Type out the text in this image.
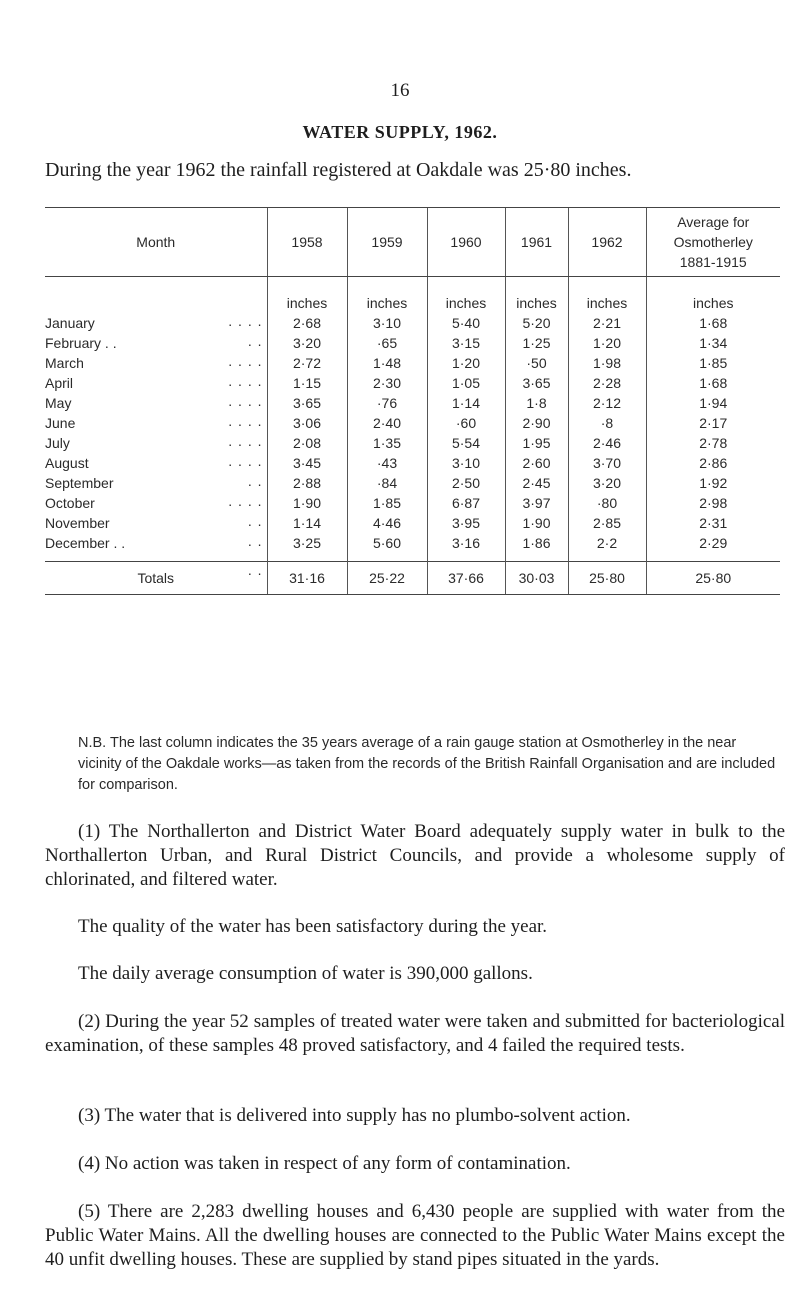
16
WATER SUPPLY, 1962.
During the year 1962 the rainfall registered at Oakdale was 25·80 inches.
Month	1958	1959	1960	1961	1962	Average for
Osmotherley
1881-1915

	inches	inches	inches	inches	inches	inches
January . . . .	2·68	3·10	5·40	5·20	2·21	1·68
February . . . .	3·20	·65	3·15	1·25	1·20	1·34
March . . . .	2·72	1·48	1·20	·50	1·98	1·85
April . . . .	1·15	2·30	1·05	3·65	2·28	1·68
May . . . .	3·65	·76	1·14	1·8	2·12	1·94
June . . . .	3·06	2·40	·60	2·90	·8	2·17
July . . . .	2·08	1·35	5·54	1·95	2·46	2·78
August . . . .	3·45	·43	3·10	2·60	3·70	2·86
September . .	2·88	·84	2·50	2·45	3·20	1·92
October . . . .	1·90	1·85	6·87	3·97	·80	2·98
November . .	1·14	4·46	3·95	1·90	2·85	2·31
December . . . .	3·25	5·60	3·16	1·86	2·2	2·29

Totals . .	31·16	25·22	37·66	30·03	25·80	25·80
N.B. The last column indicates the 35 years average of a rain gauge station at Osmotherley in the near vicinity of the Oakdale works—as taken from the records of the British Rainfall Organisation and are included for comparison.
(1) The Northallerton and District Water Board adequately supply water in bulk to the Northallerton Urban, and Rural District Councils, and provide a wholesome supply of chlorinated, and filtered water.
The quality of the water has been satisfactory during the year.
The daily average consumption of water is 390,000 gallons.
(2) During the year 52 samples of treated water were taken and submitted for bacteriological examination, of these samples 48 proved satisfactory, and 4 failed the required tests.
(3) The water that is delivered into supply has no plumbo-solvent action.
(4) No action was taken in respect of any form of contamination.
(5) There are 2,283 dwelling houses and 6,430 people are supplied with water from the Public Water Mains. All the dwelling houses are connected to the Public Water Mains except the 40 unfit dwelling houses. These are supplied by stand pipes situated in the yards.
